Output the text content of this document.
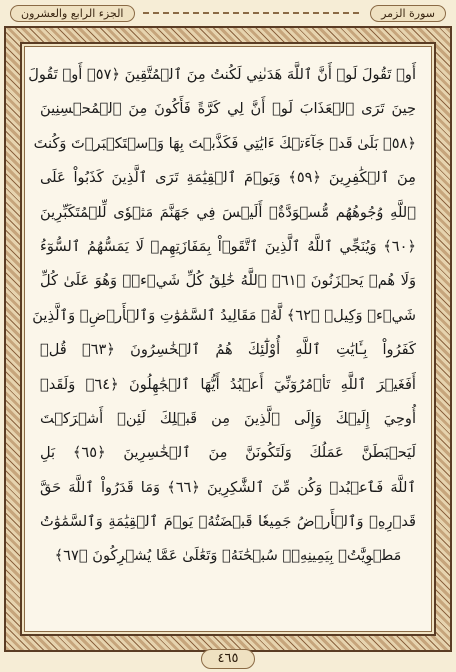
سورة الزمر
الجزء الرابع والعشرون
أَوۡ تَقُولَ لَوۡ أَنَّ ٱللَّهَ هَدَىٰنِي لَكُنتُ مِنَ ٱلۡمُتَّقِينَ ﴿٥٧﴾ أَوۡ تَقُولَ
حِينَ تَرَى ٱلۡعَذَابَ لَوۡ أَنَّ لِي كَرَّةً فَأَكُونَ مِنَ ٱلۡمُحۡسِنِينَ
﴿٥٨﴾ بَلَىٰ قَدۡ جَآءَتۡكَ ءَايَٰتِي فَكَذَّبۡتَ بِهَا وَٱسۡتَكۡبَرۡتَ وَكُنتَ
مِنَ ٱلۡكَٰفِرِينَ ﴿٥٩﴾ وَيَوۡمَ ٱلۡقِيَٰمَةِ تَرَى ٱلَّذِينَ كَذَبُواْ عَلَى
ٱللَّهِ وُجُوهُهُم مُّسۡوَدَّةٌۚ أَلَيۡسَ فِي جَهَنَّمَ مَثۡوٗى لِّلۡمُتَكَبِّرِينَ
﴿٦٠﴾ وَيُنَجِّي ٱللَّهُ ٱلَّذِينَ ٱتَّقَوۡاْ بِمَفَازَتِهِمۡ لَا يَمَسُّهُمُ ٱلسُّوٓءُ
وَلَا هُمۡ يَحۡزَنُونَ ﴿٦١﴾ ٱللَّهُ خَٰلِقُ كُلِّ شَيۡءٖۖ وَهُوَ عَلَىٰ كُلِّ
شَيۡءٖ وَكِيلٞ ﴿٦٢﴾ لَّهُۥ مَقَالِيدُ ٱلسَّمَٰوَٰتِ وَٱلۡأَرۡضِۗ وَٱلَّذِينَ
كَفَرُواْ بِـَٔايَٰتِ ٱللَّهِ أُوْلَٰٓئِكَ هُمُ ٱلۡخَٰسِرُونَ ﴿٦٣﴾ قُلۡ
أَفَغَيۡرَ ٱللَّهِ تَأۡمُرُوٓنِّيٓ أَعۡبُدُ أَيُّهَا ٱلۡجَٰهِلُونَ ﴿٦٤﴾ وَلَقَدۡ
أُوحِيَ إِلَيۡكَ وَإِلَى ٱلَّذِينَ مِن قَبۡلِكَ لَئِنۡ أَشۡرَكۡتَ
لَيَحۡبَطَنَّ عَمَلُكَ وَلَتَكُونَنَّ مِنَ ٱلۡخَٰسِرِينَ ﴿٦٥﴾ بَلِ
ٱللَّهَ فَٱعۡبُدۡ وَكُن مِّنَ ٱلشَّٰكِرِينَ ﴿٦٦﴾ وَمَا قَدَرُواْ ٱللَّهَ حَقَّ
قَدۡرِهِۦ وَٱلۡأَرۡضُ جَمِيعٗا قَبۡضَتُهُۥ يَوۡمَ ٱلۡقِيَٰمَةِ وَٱلسَّمَٰوَٰتُ
مَطۡوِيَّٰتُۢ بِيَمِينِهِۦۚ سُبۡحَٰنَهُۥ وَتَعَٰلَىٰ عَمَّا يُشۡرِكُونَ ﴿٦٧﴾
٤٦٥
